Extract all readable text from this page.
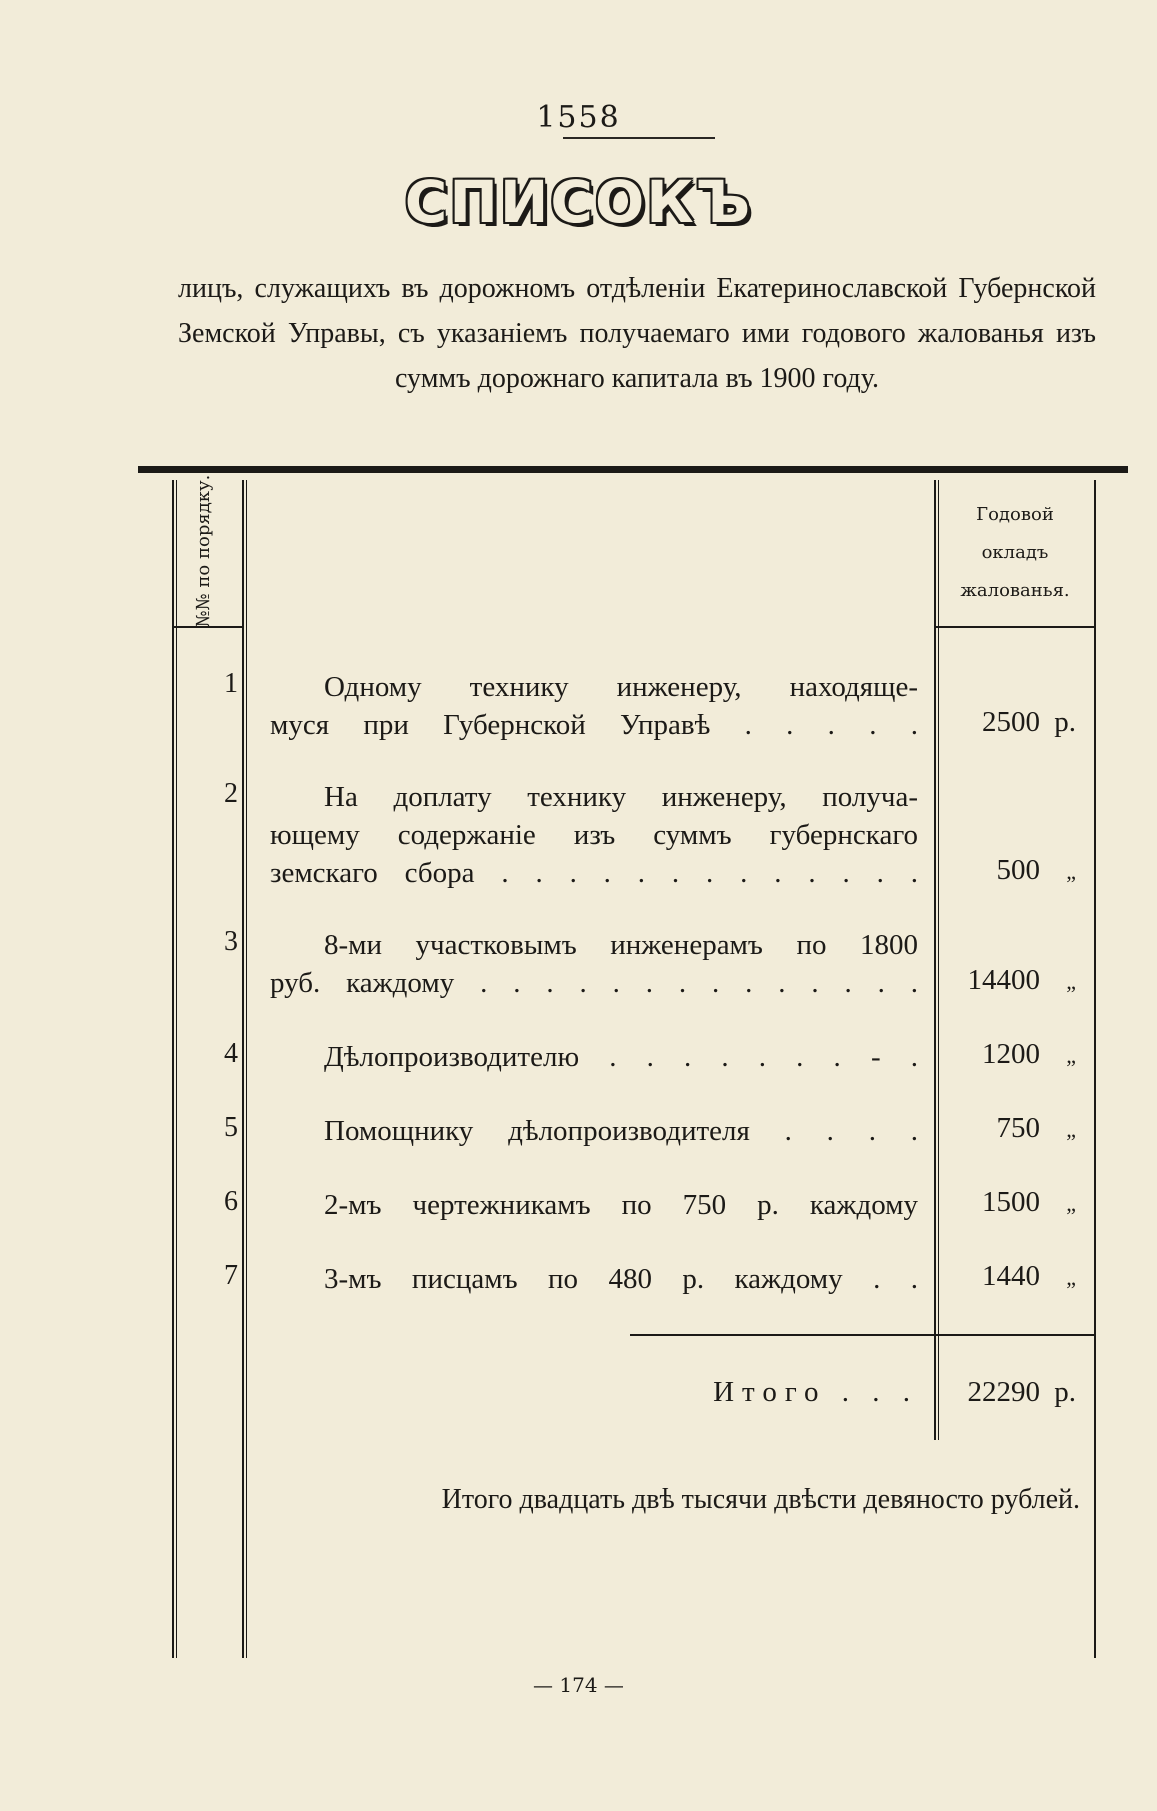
1558
СПИСОКЪ
лицъ, служащихъ въ дорожномъ отдѣленіи Екатеринославской Губернской Земской Управы, съ указаніемъ получаемаго ими годового жалованья изъ суммъ дорожнаго капитала въ 1900 году.
№№ по порядку.	Годовой окладъ жалованья.
1	Одному технику инженеру, находяще-
муся при Губернской Управѣ . . . . .	2500 р.
2	На доплату технику инженеру, получа-
ющему содержаніе изъ суммъ губернскаго
земскаго сбора . . . . . . . . . . . . .	500 „
3	8-ми участковымъ инженерамъ по 1800
руб. каждому . . . . . . . . . . . . . .	14400 „
4	Дѣлопроизводителю . . . . . . . - .	1200 „
5	Помощнику дѣлопроизводителя . . . .	750 „
6	2-мъ чертежникамъ по 750 р. каждому	1500 „
7	3-мъ писцамъ по 480 р. каждому . .	1440 „
Итого . . .	22290 р.
Итого двадцать двѣ тысячи двѣсти девяносто рублей.
— 174 —
